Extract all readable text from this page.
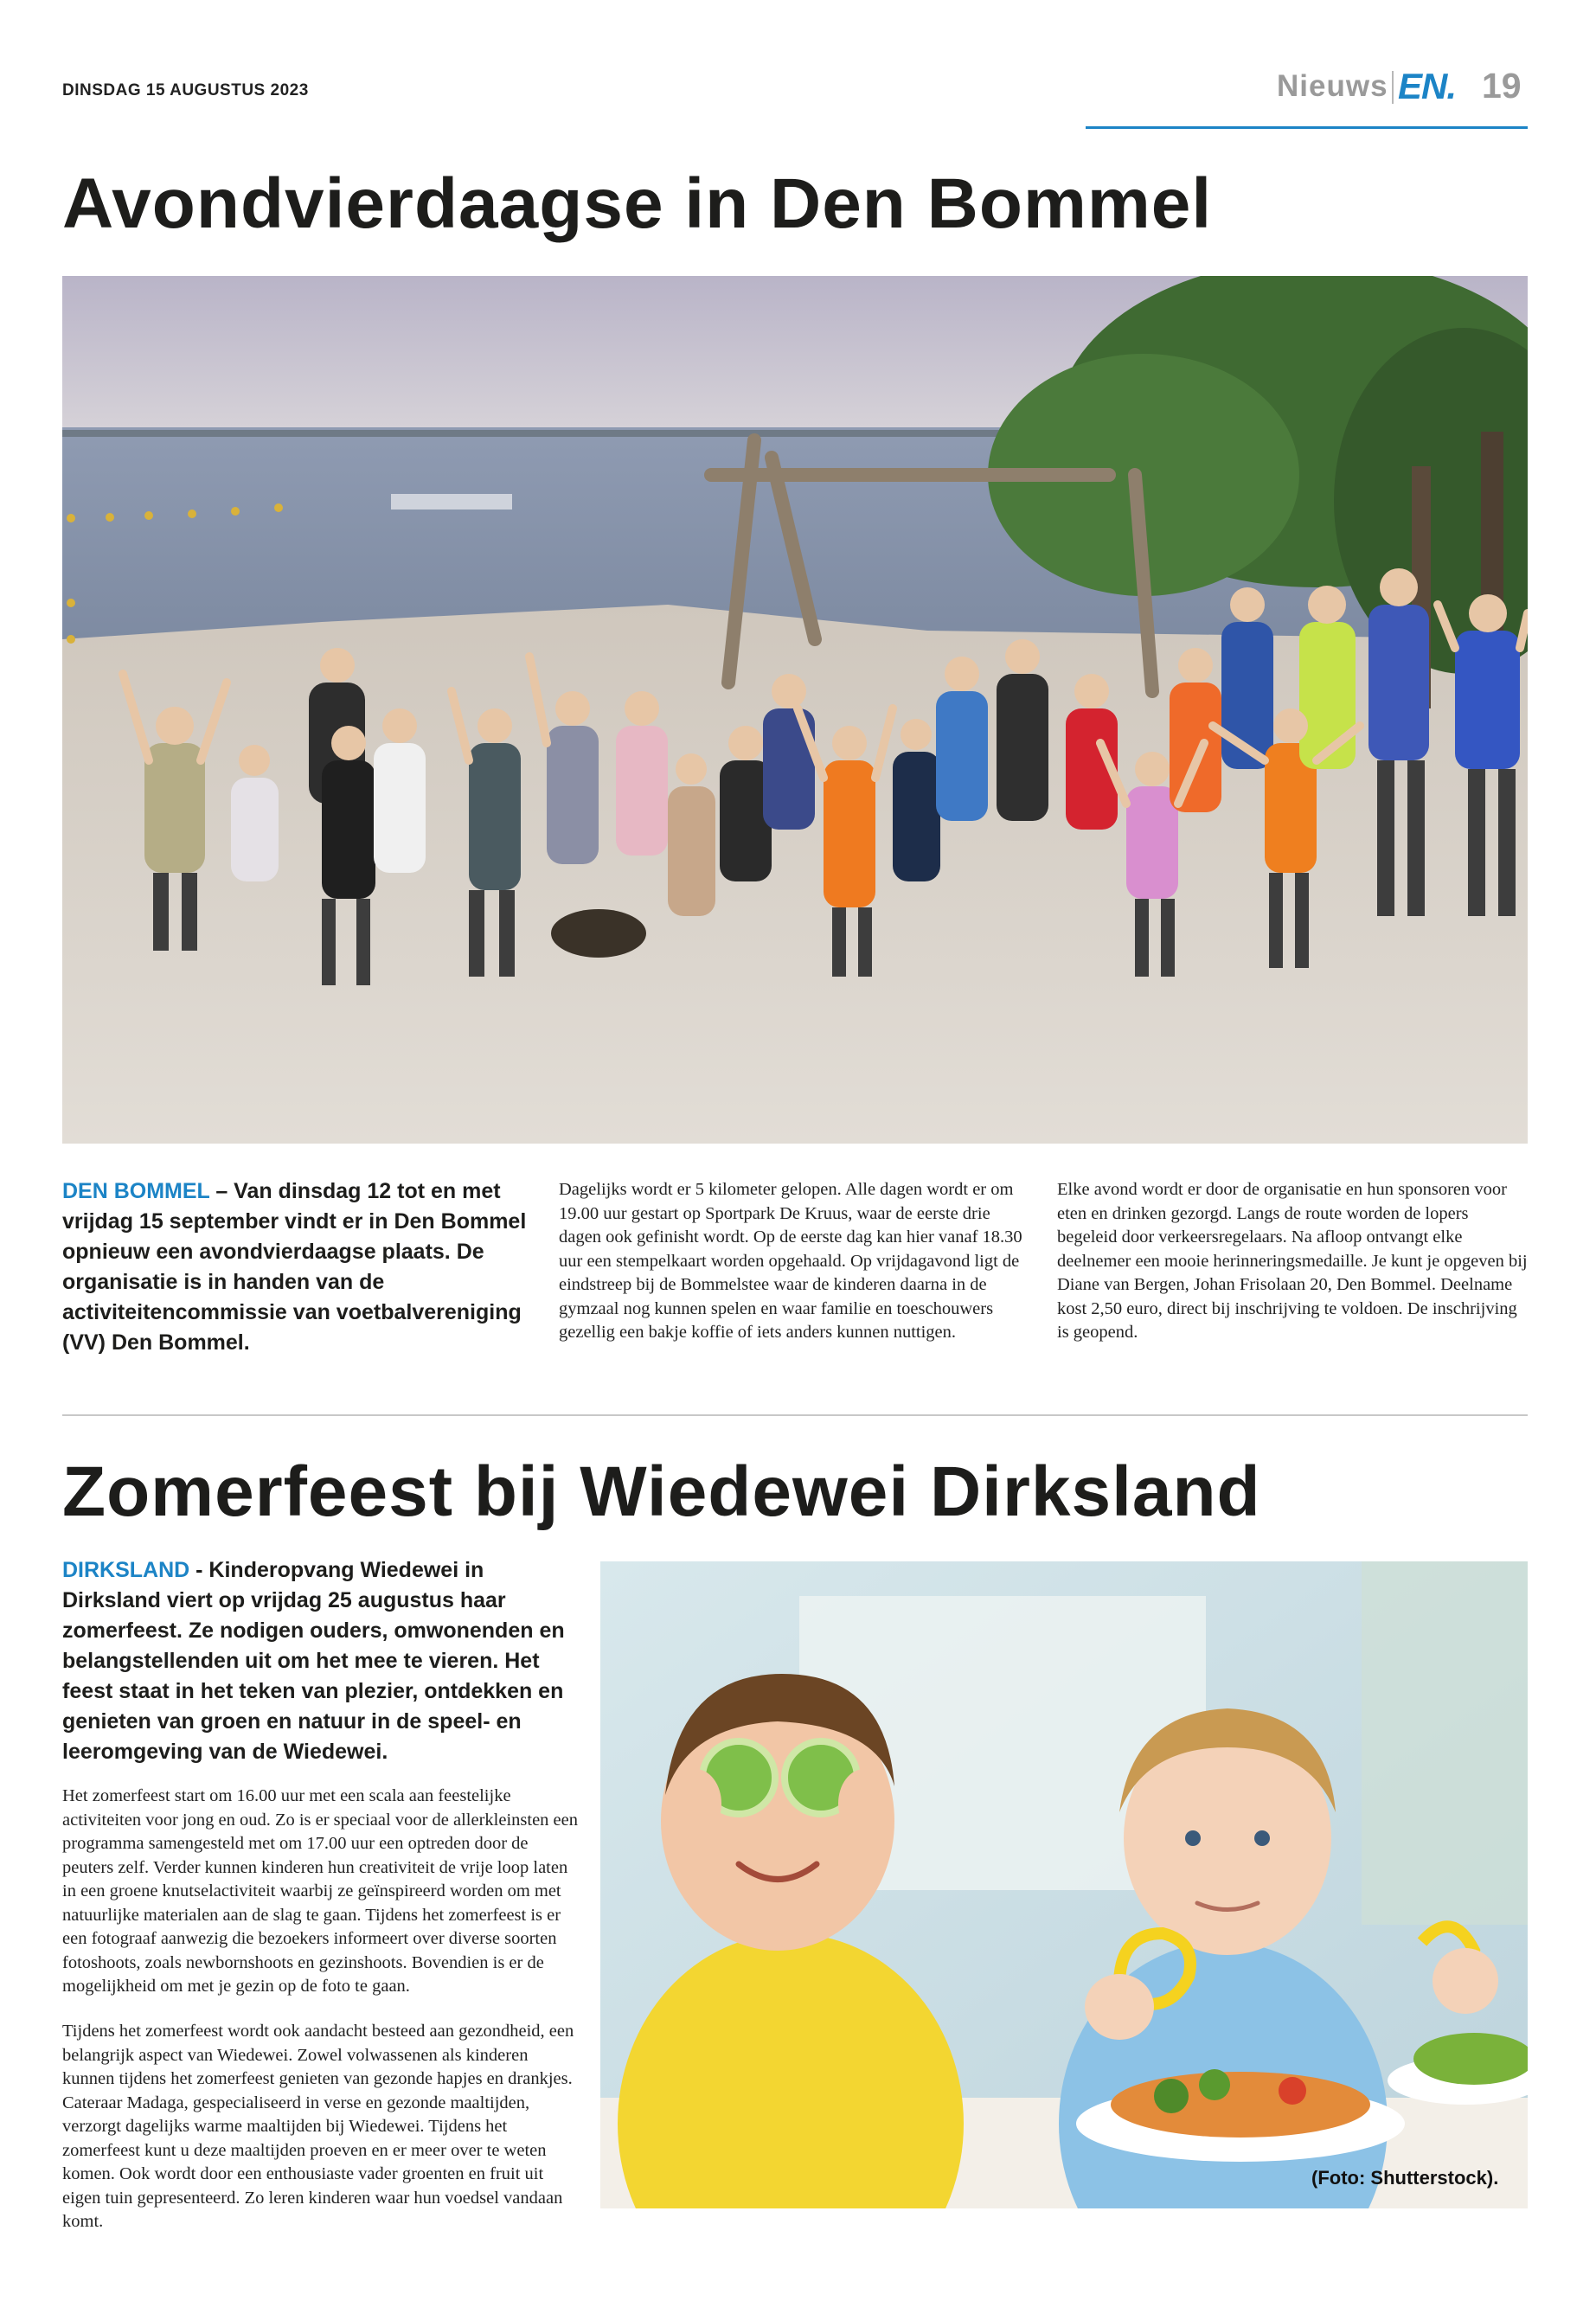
DINSDAG 15 AUGUSTUS 2023	Nieuws EN. 19
Avondvierdaagse in Den Bommel

DEN BOMMEL – Van dinsdag 12 tot en met vrijdag 15 september vindt er in Den Bommel opnieuw een avondvierdaagse plaats. De organisatie is in handen van de activiteitencommissie van voetbalvereniging (VV) Den Bommel.

Dagelijks wordt er 5 kilometer gelopen. Alle dagen wordt er om 19.00 uur gestart op Sportpark De Kruus, waar de eerste drie dagen ook gefinisht wordt. Op de eerste dag kan hier vanaf 18.30 uur een stempelkaart worden opgehaald. Op vrijdagavond ligt de eindstreep bij de Bommelstee waar de kinderen daarna in de gymzaal nog kunnen spelen en waar familie en toeschouwers gezellig een bakje koffie of iets anders kunnen nuttigen.

Elke avond wordt er door de organisatie en hun sponsoren voor eten en drinken gezorgd. Langs de route worden de lopers begeleid door verkeersregelaars. Na afloop ontvangt elke deelnemer een mooie herinneringsmedaille. Je kunt je opgeven bij Diane van Bergen, Johan Frisolaan 20, Den Bommel. Deelname kost 2,50 euro, direct bij inschrijving te voldoen. De inschrijving is geopend.

Zomerfeest bij Wiedewei Dirksland

DIRKSLAND - Kinderopvang Wiedewei in Dirksland viert op vrijdag 25 augustus haar zomerfeest. Ze nodigen ouders, omwonenden en belangstellenden uit om het mee te vieren. Het feest staat in het teken van plezier, ontdekken en genieten van groen en natuur in de speel- en leeromgeving van de Wiedewei.

Het zomerfeest start om 16.00 uur met een scala aan feestelijke activiteiten voor jong en oud. Zo is er speciaal voor de allerkleinsten een programma samengesteld met om 17.00 uur een optreden door de peuters zelf. Verder kunnen kinderen hun creativiteit de vrije loop laten in een groene knutselactiviteit waarbij ze geïnspireerd worden om met natuurlijke materialen aan de slag te gaan. Tijdens het zomerfeest is er een fotograaf aanwezig die bezoekers informeert over diverse soorten fotoshoots, zoals newbornshoots en gezinshoots. Bovendien is er de mogelijkheid om met je gezin op de foto te gaan.

Tijdens het zomerfeest wordt ook aandacht besteed aan gezondheid, een belangrijk aspect van Wiedewei. Zowel volwassenen als kinderen kunnen tijdens het zomerfeest genieten van gezonde hapjes en drankjes. Cateraar Madaga, gespecialiseerd in verse en gezonde maaltijden, verzorgt dagelijks warme maaltijden bij Wiedewei. Tijdens het zomerfeest kunt u deze maaltijden proeven en er meer over te weten komen. Ook wordt door een enthousiaste vader groenten en fruit uit eigen tuin gepresenteerd. Zo leren kinderen waar hun voedsel vandaan komt.

(Foto: Shutterstock).
